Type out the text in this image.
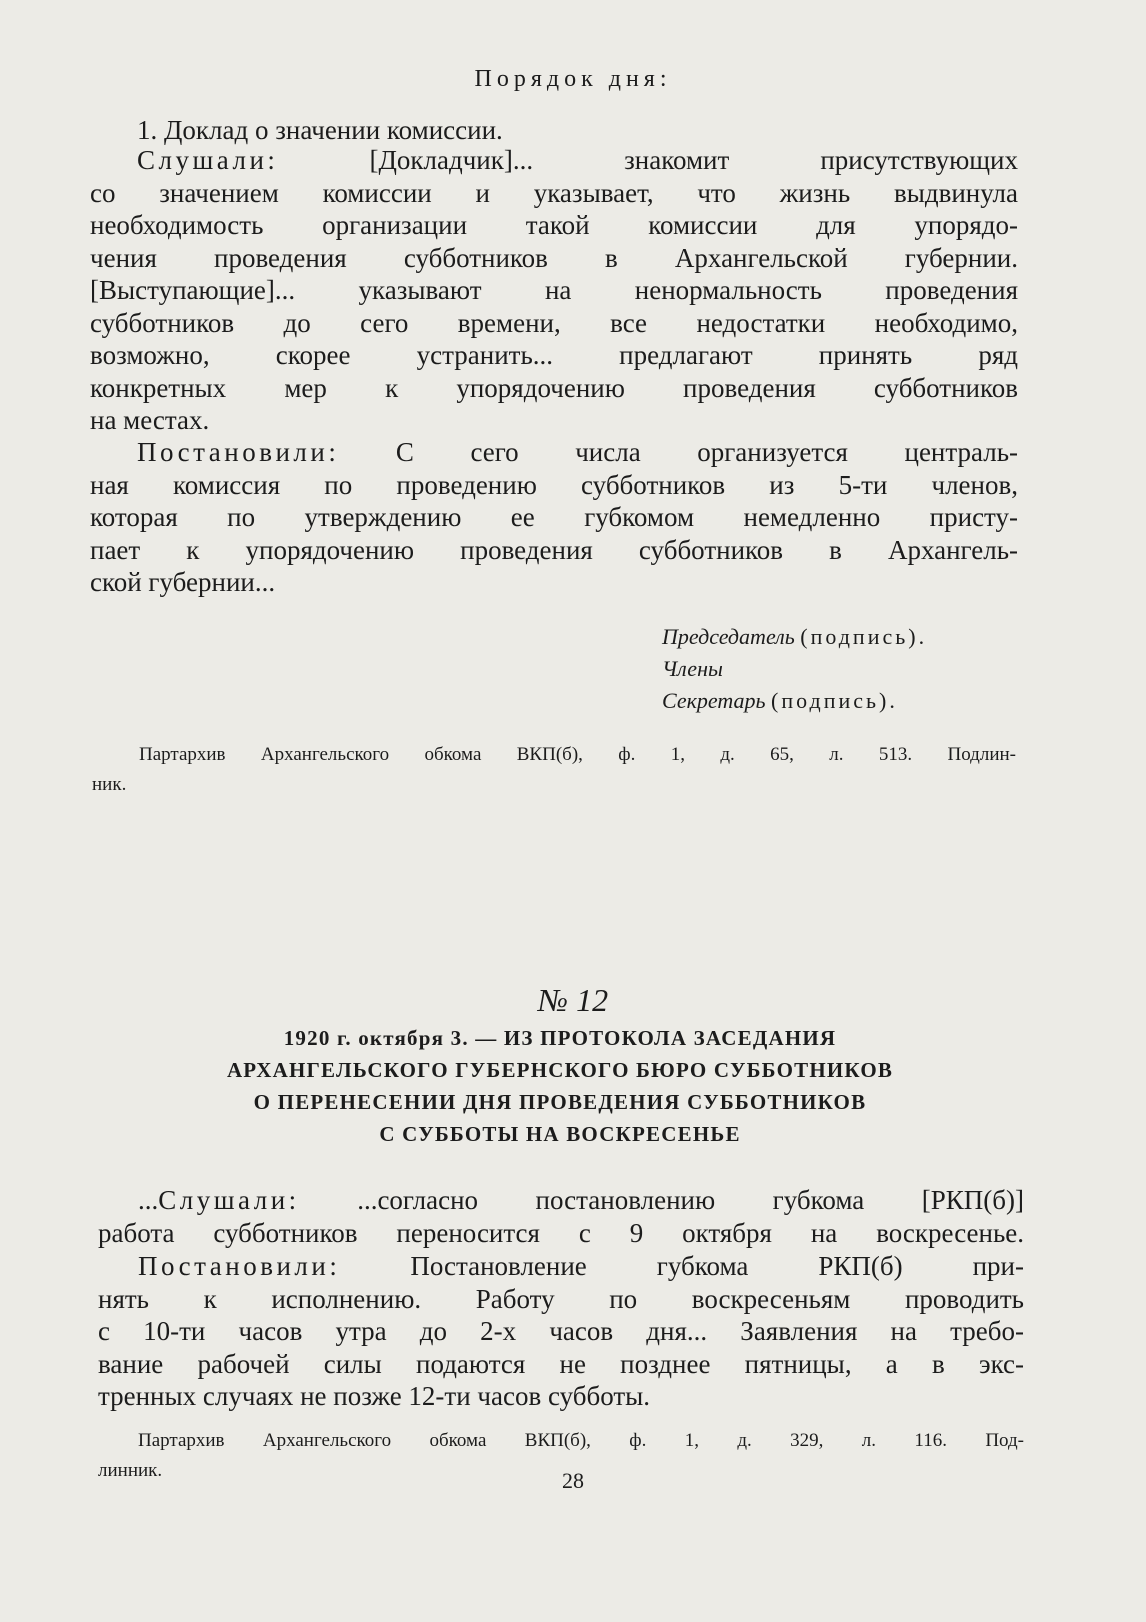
Порядок дня:
1. Доклад о значении комиссии.
Слушали:	[Докладчик]... знакомит присутствующих
со значением комиссии и указывает, что жизнь выдвинула
необходимость организации такой комиссии для упорядо-
чения проведения субботников в Архангельской губернии.
[Выступающие]... указывают на ненормальность проведения
субботников до сего времени, все недостатки необходимо,
возможно, скорее устранить... предлагают принять ряд
конкретных мер к упорядочению проведения субботников
на местах.
Постановили: С сего числа организуется централь-
ная комиссия по проведению субботников из 5-ти членов,
которая по утверждению ее губкомом немедленно присту-
пает к упорядочению проведения субботников в Архангель-
ской губернии...
Председатель (подпись).
Члены
Секретарь (подпись).
Партархив Архангельского обкома ВКП(б), ф. 1, д. 65, л. 513. Подлин-
ник.
№ 12
1920 г. октября 3. — ИЗ ПРОТОКОЛА ЗАСЕДАНИЯ
АРХАНГЕЛЬСКОГО ГУБЕРНСКОГО БЮРО СУББОТНИКОВ
О ПЕРЕНЕСЕНИИ ДНЯ ПРОВЕДЕНИЯ СУББОТНИКОВ
С СУББОТЫ НА ВОСКРЕСЕНЬЕ
...Слушали: ...согласно постановлению губкома [РКП(б)]
работа субботников переносится с 9 октября на воскресенье.
Постановили:	Постановление губкома РКП(б) при-
нять к исполнению. Работу по воскресеньям проводить
с 10-ти часов утра до 2-х часов дня... Заявления на требо-
вание рабочей силы подаются не позднее пятницы, а в экс-
тренных случаях не позже 12-ти часов субботы.
Партархив Архангельского обкома ВКП(б), ф. 1, д. 329, л. 116. Под-
линник.	28
